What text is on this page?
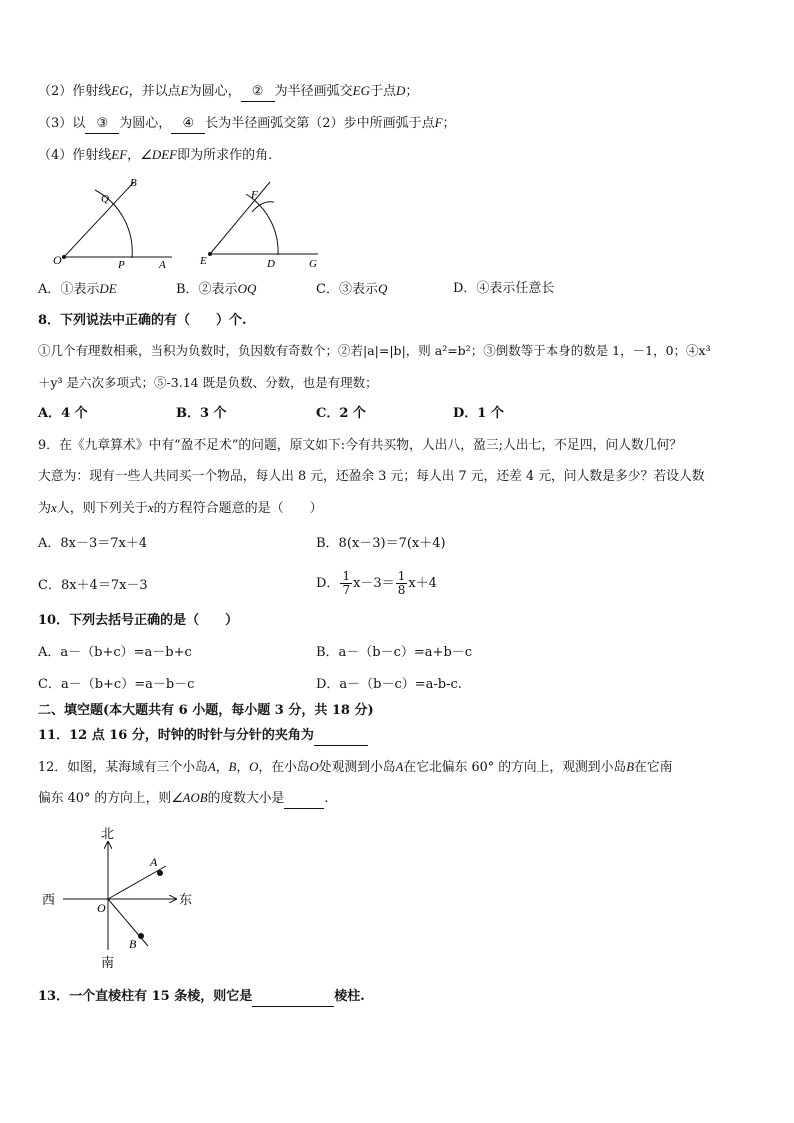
（2）作射线EG，并以点E为圆心， ② 为半径画弧交EG于点D；
（3）以 ③ 为圆心， ④ 长为半径画弧交第（2）步中所画弧于点F；
（4）作射线EF，∠DEF即为所求作的角.
O
Q
B
P	A	E
F
D	G
A．①表示DE	B．②表示OQ	C．③表示Q	D．④表示任意长
8．下列说法中正确的有（　　）个.
①几个有理数相乘，当积为负数时，负因数有奇数个；②若|a|=|b|，则 a²=b²；③倒数等于本身的数是 1，－1，0；④x³
＋y³ 是六次多项式；⑤-3.14 既是负数、分数，也是有理数；
A．4 个	B．3 个	C．2 个	D．1 个
9．在《九章算术》中有“盈不足术”的问题，原文如下:今有共买物，人出八，盈三;人出七，不足四，问人数几何？
大意为：现有一些人共同买一个物品，每人出 8 元，还盈余 3 元；每人出 7 元，还差 4 元，问人数是多少？若设人数
为x人，则下列关于x的方程符合题意的是（　　）
A．8x－3＝7x＋4	B．8(x－3)＝7(x＋4)
C．8x＋4＝7x－3	D． $\frac{1}{7} x-3= \frac{1}{8} x+4$
10．下列去括号正确的是（　　）
A．a－（b+c）=a－b+c	B．a－（b－c）=a+b－c
C．a－（b+c）=a－b－c	D．a－（b－c）=a-b-c.
二、填空题(本大题共有 6 小题，每小题 3 分，共 18 分)
11．12 点 16 分，时钟的时针与分针的夹角为
12．如图，某海域有三个小岛A，B，O，在小岛O处观测到小岛A在它北偏东 60° 的方向上，观测到小岛B在它南
偏东 40° 的方向上，则∠AOB的度数大小是	.
北
南
东
西
O
A
B
13．一个直棱柱有 15 条棱，则它是	棱柱.
